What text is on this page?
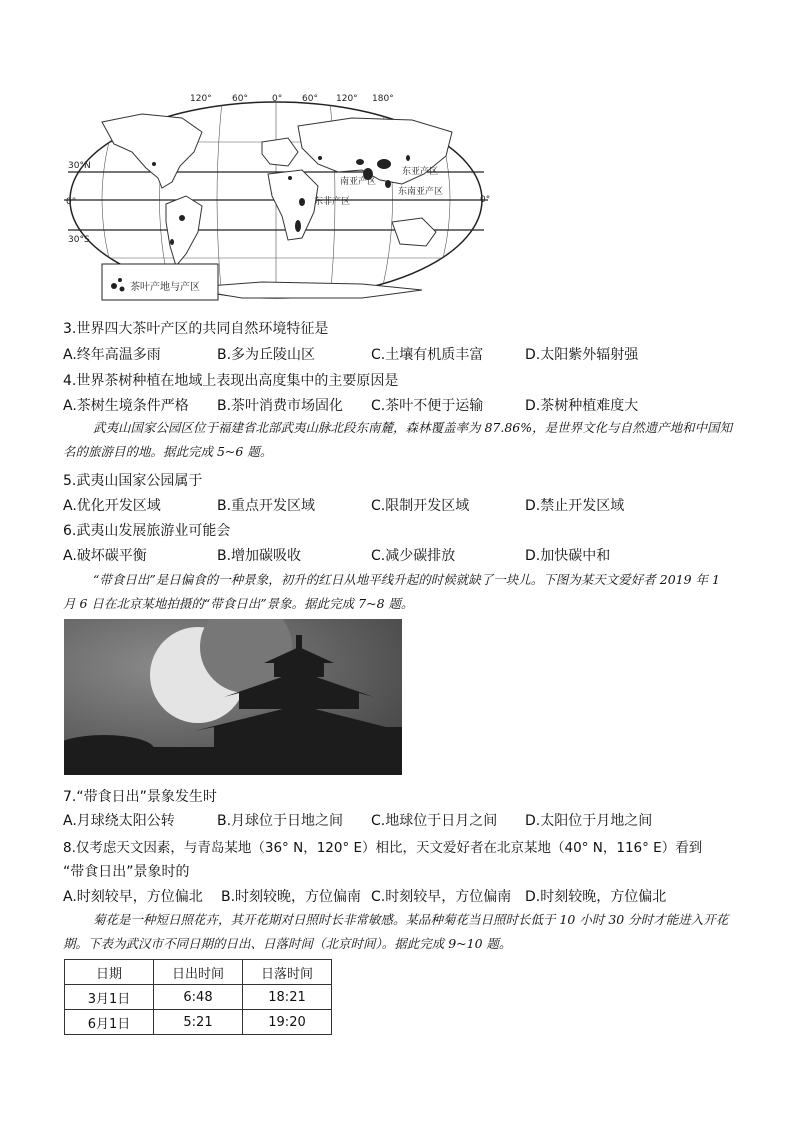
120° 60°	0° 60° 120° 180°
30°N
0°
30°S
0°
东亚产区
南亚产区
东南亚产区
东非产区
茶叶产地与产区
3.世界四大茶叶产区的共同自然环境特征是
A.终年高温多雨	B.多为丘陵山区	C.土壤有机质丰富	D.太阳紫外辐射强
4.世界茶树种植在地域上表现出高度集中的主要原因是
A.茶树生境条件严格 B.茶叶消费市场固化 C.茶叶不便于运输	D.茶树种植难度大
武夷山国家公园区位于福建省北部武夷山脉北段东南麓，森林覆盖率为 87.86%，是世界文化与自然遗产地和中国知名的旅游目的地。据此完成 5~6 题。
5.武夷山国家公园属于
A.优化开发区域	B.重点开发区域	C.限制开发区域	D.禁止开发区域
6.武夷山发展旅游业可能会
A.破坏碳平衡	B.增加碳吸收	C.减少碳排放	D.加快碳中和
“带食日出”是日偏食的一种景象，初升的红日从地平线升起的时候就缺了一块儿。下图为某天文爱好者 2019 年 1 月 6 日在北京某地拍摄的“带食日出”景象。据此完成 7~8 题。
7.“带食日出”景象发生时
A.月球绕太阳公转	B.月球位于日地之间 C.地球位于日月之间 D.太阳位于月地之间
8.仅考虑天文因素，与青岛某地（36° N，120° E）相比，天文爱好者在北京某地（40° N，116° E）看到
“带食日出”景象时的
A.时刻较早，方位偏北 B.时刻较晚，方位偏南 C.时刻较早，方位偏南 D.时刻较晚，方位偏北
菊花是一种短日照花卉，其开花期对日照时长非常敏感。某品种菊花当日照时长低于 10 小时 30 分时才能进入开花期。下表为武汉市不同日期的日出、日落时间（北京时间）。据此完成 9~10 题。
日期	日出时间	日落时间
3月1日	6:48	18:21
6月1日	5:21	19:20
